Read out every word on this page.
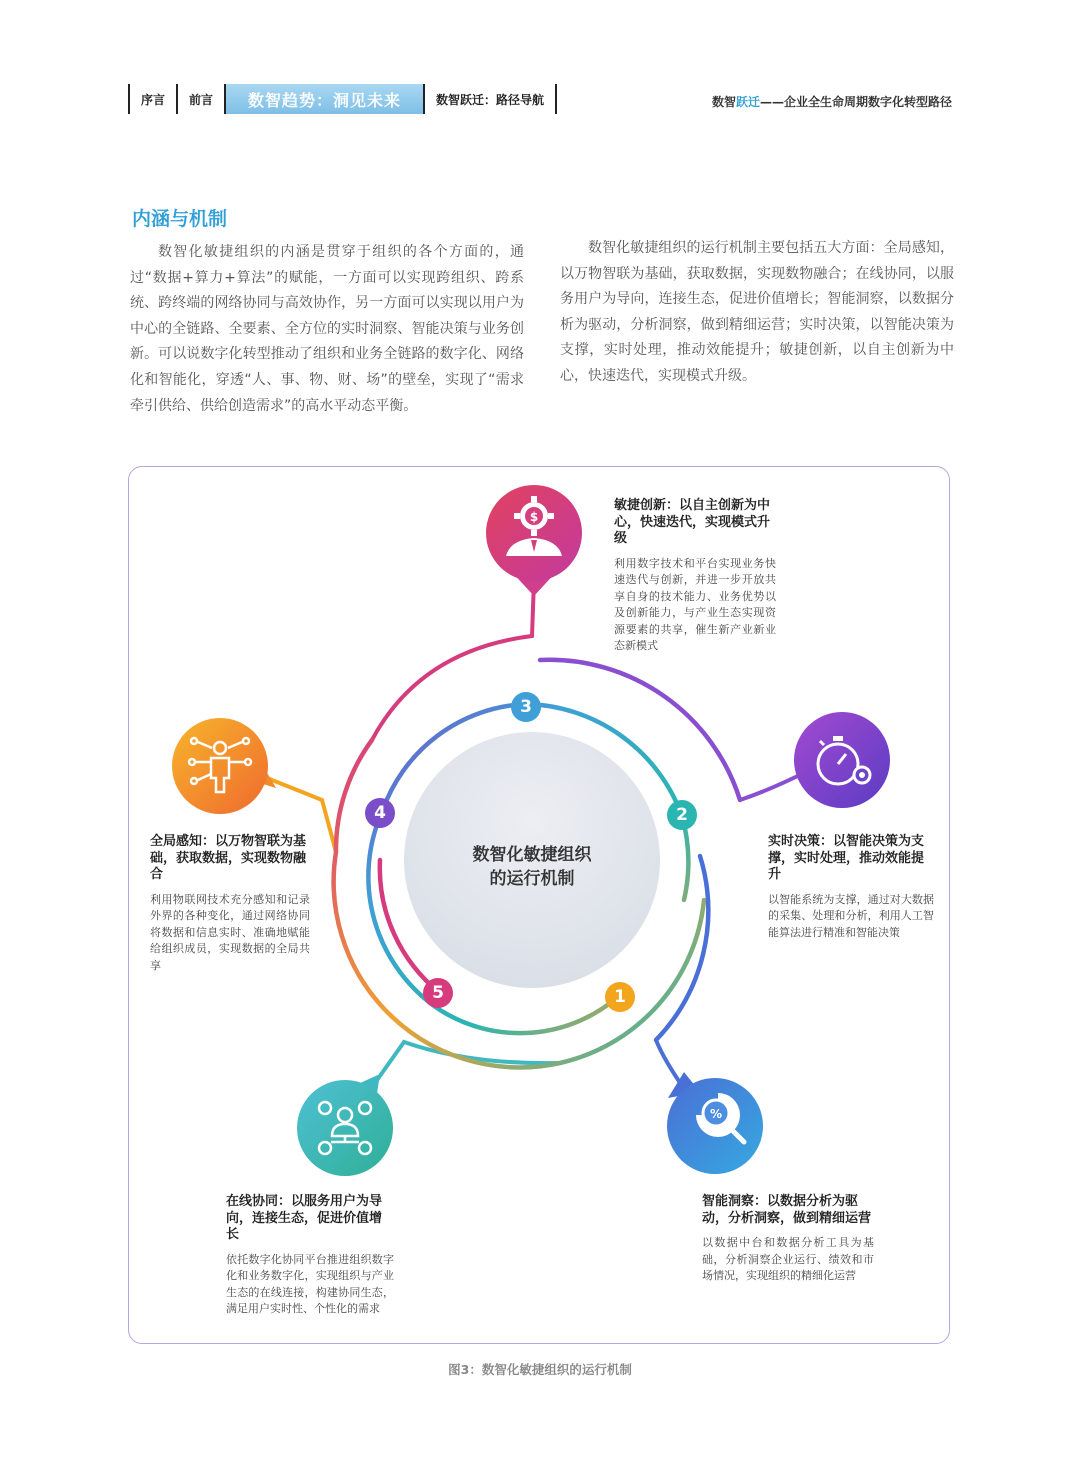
序言	前言	数智趋势：洞见未来	数智跃迁：路径导航	数智跃迁——企业全生命周期数字化转型路径
内涵与机制

数智化敏捷组织的内涵是贯穿于组织的各个方面的，通过“数据+算力+算法”的赋能，一方面可以实现跨组织、跨系统、跨终端的网络协同与高效协作，另一方面可以实现以用户为中心的全链路、全要素、全方位的实时洞察、智能决策与业务创新。可以说数字化转型推动了组织和业务全链路的数字化、网络化和智能化，穿透“人、事、物、财、场”的壁垒，实现了“需求牵引供给、供给创造需求”的高水平动态平衡。

数智化敏捷组织的运行机制主要包括五大方面：全局感知，以万物智联为基础，获取数据，实现数物融合；在线协同，以服务用户为导向，连接生态，促进价值增长；智能洞察，以数据分析为驱动，分析洞察，做到精细运营；实时决策，以智能决策为支撑，实时处理，推动效能提升；敏捷创新，以自主创新为中心，快速迭代，实现模式升级。

$
%
数智化敏捷组织
的运行机制
1
2
3
4
5

敏捷创新：以自主创新为中心，快速迭代，实现模式升级

利用数字技术和平台实现业务快速迭代与创新，并进一步开放共享自身的技术能力、业务优势以及创新能力，与产业生态实现资源要素的共享，催生新产业新业态新模式

实时决策：以智能决策为支撑，实时处理，推动效能提升

以智能系统为支撑，通过对大数据的采集、处理和分析，利用人工智能算法进行精准和智能决策

智能洞察：以数据分析为驱动，分析洞察，做到精细运营

以数据中台和数据分析工具为基础，分析洞察企业运行、绩效和市场情况，实现组织的精细化运营

在线协同：以服务用户为导向，连接生态，促进价值增长

依托数字化协同平台推进组织数字化和业务数字化，实现组织与产业生态的在线连接，构建协同生态，满足用户实时性、个性化的需求

全局感知：以万物智联为基础，获取数据，实现数物融合

利用物联网技术充分感知和记录外界的各种变化，通过网络协同将数据和信息实时、准确地赋能给组织成员，实现数据的全局共享

图3：数智化敏捷组织的运行机制
